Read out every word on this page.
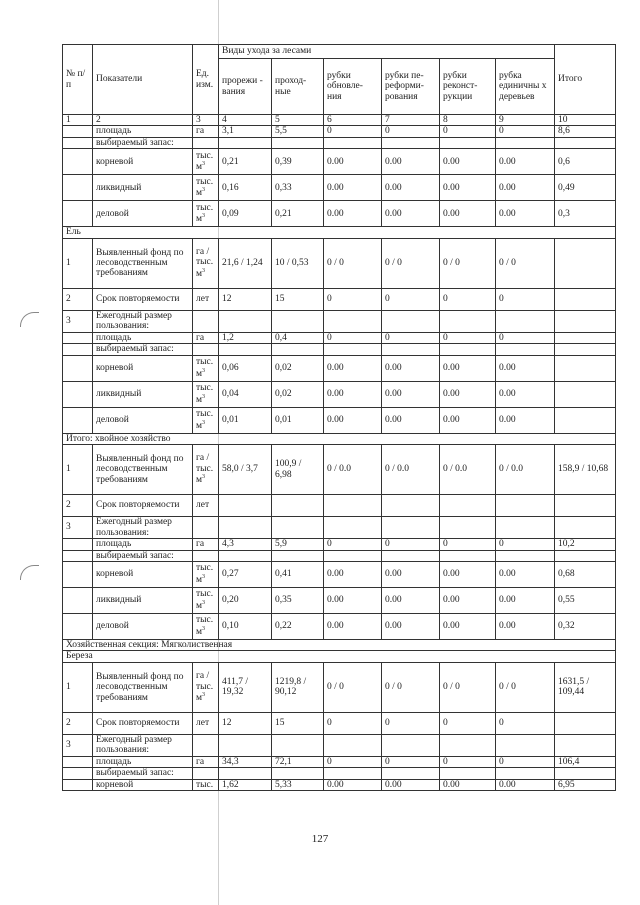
№ п/п	Показатели	Ед. изм.	Виды ухода за лесами						Итого
			прорежи - вания	проход- ные	рубки обновле- ния	рубки пе- реформи- рования	рубки реконст- рукции	рубка единичны х деревьев	
1	2	3	4	5	6	7	8	9	10
	площадь	га	3,1	5,5	0	0	0	0	8,6
	выбираемый запас:								
	корневой	тыс. $м^3$	0,21	0,39	0.00	0.00	0.00	0.00	0,6
	ликвидный	тыс. $м^3$	0,16	0,33	0.00	0.00	0.00	0.00	0,49
	деловой	тыс. $м^3$	0,09	0,21	0.00	0.00	0.00	0.00	0,3
Ель									
1	Выявленный фонд по лесоводственным требованиям	га / тыс. $м^3$	21,6 / 1,24	10 / 0,53	0 / 0	0 / 0	0 / 0	0 / 0	
2	Срок повторяемости	лет	12	15	0	0	0	0	
3	Ежегодный размер пользования:								
	площадь	га	1,2	0,4	0	0	0	0	
	выбираемый запас:								
	корневой	тыс. $м^3$	0,06	0,02	0.00	0.00	0.00	0.00	
	ликвидный	тыс. $м^3$	0,04	0,02	0.00	0.00	0.00	0.00	
	деловой	тыс. $м^3$	0,01	0,01	0.00	0.00	0.00	0.00	
Итого: хвойное хозяйство									
1	Выявленный фонд по лесоводственным требованиям	га / тыс. $м^3$	58,0 / 3,7	100,9 / 6,98	0 / 0.0	0 / 0.0	0 / 0.0	0 / 0.0	158,9 / 10,68
2	Срок повторяемости	лет							
3	Ежегодный размер пользования:								
	площадь	га	4,3	5,9	0	0	0	0	10,2
	выбираемый запас:								
	корневой	тыс. $м^3$	0,27	0,41	0.00	0.00	0.00	0.00	0,68
	ликвидный	тыс. $м^3$	0,20	0,35	0.00	0.00	0.00	0.00	0,55
	деловой	тыс. $м^3$	0,10	0,22	0.00	0.00	0.00	0.00	0,32
Хозяйственная секция: Мягколиственная									
Береза									
1	Выявленный фонд по лесоводственным требованиям	га / тыс. $м^3$	411,7 / 19,32	1219,8 / 90,12	0 / 0	0 / 0	0 / 0	0 / 0	1631,5 / 109,44
2	Срок повторяемости	лет	12	15	0	0	0	0	
3	Ежегодный размер пользования:								
	площадь	га	34,3	72,1	0	0	0	0	106,4
	выбираемый запас:								
	корневой	тыс.	1,62	5,33	0.00	0.00	0.00	0.00	6,95
127
